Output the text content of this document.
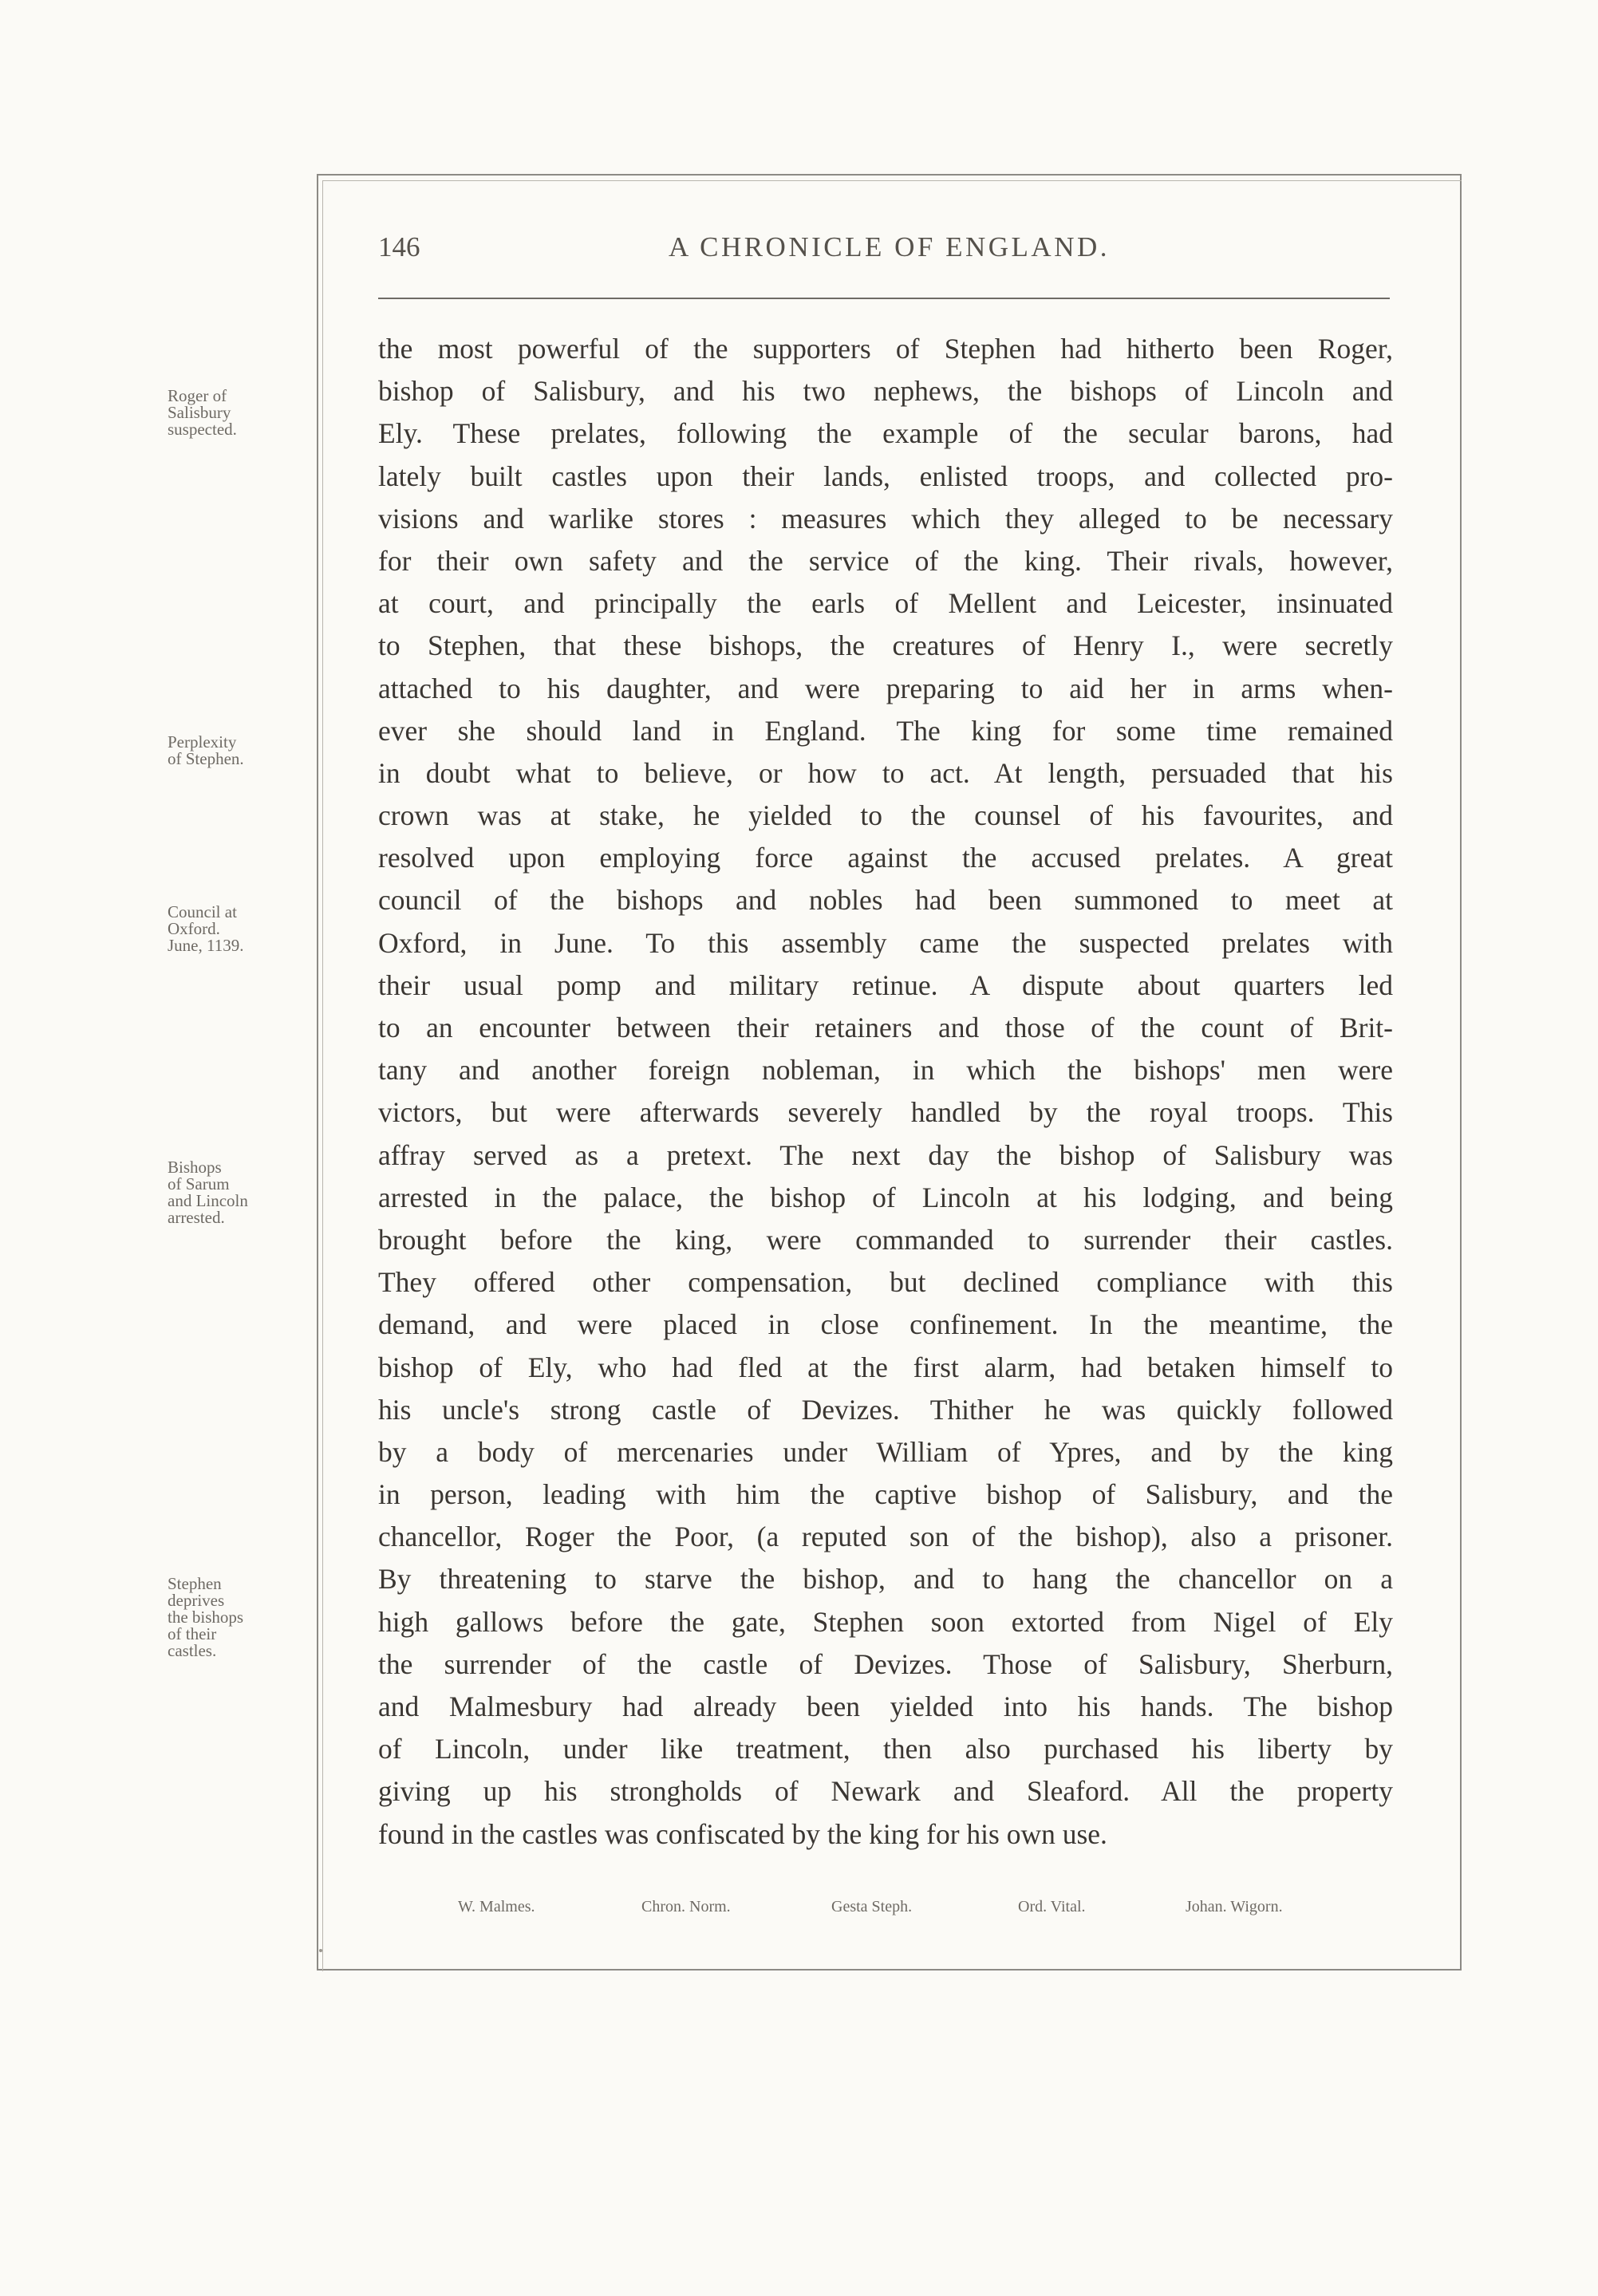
146	A CHRONICLE OF ENGLAND.
the most powerful of the supporters of Stephen had hitherto been Roger,
bishop of Salisbury, and his two nephews, the bishops of Lincoln and
Ely. These prelates, following the example of the secular barons, had
lately built castles upon their lands, enlisted troops, and collected pro-
visions and warlike stores : measures which they alleged to be necessary
for their own safety and the service of the king. Their rivals, however,
at court, and principally the earls of Mellent and Leicester, insinuated
to Stephen, that these bishops, the creatures of Henry I., were secretly
attached to his daughter, and were preparing to aid her in arms when-
ever she should land in England. The king for some time remained
in doubt what to believe, or how to act. At length, persuaded that his
crown was at stake, he yielded to the counsel of his favourites, and
resolved upon employing force against the accused prelates. A great
council of the bishops and nobles had been summoned to meet at
Oxford, in June. To this assembly came the suspected prelates with
their usual pomp and military retinue. A dispute about quarters led
to an encounter between their retainers and those of the count of Brit-
tany and another foreign nobleman, in which the bishops' men were
victors, but were afterwards severely handled by the royal troops. This
affray served as a pretext. The next day the bishop of Salisbury was
arrested in the palace, the bishop of Lincoln at his lodging, and being
brought before the king, were commanded to surrender their castles.
They offered other compensation, but declined compliance with this
demand, and were placed in close confinement. In the meantime, the
bishop of Ely, who had fled at the first alarm, had betaken himself to
his uncle's strong castle of Devizes. Thither he was quickly followed
by a body of mercenaries under William of Ypres, and by the king
in person, leading with him the captive bishop of Salisbury, and the
chancellor, Roger the Poor, (a reputed son of the bishop), also a prisoner.
By threatening to starve the bishop, and to hang the chancellor on a
high gallows before the gate, Stephen soon extorted from Nigel of Ely
the surrender of the castle of Devizes. Those of Salisbury, Sherburn,
and Malmesbury had already been yielded into his hands. The bishop
of Lincoln, under like treatment, then also purchased his liberty by
giving up his strongholds of Newark and Sleaford. All the property
found in the castles was confiscated by the king for his own use.
Roger of
Salisbury
suspected.
Perplexity
of Stephen.
Council at
Oxford.
June, 1139.
Bishops
of Sarum
and Lincoln
arrested.
Stephen
deprives
the bishops
of their
castles.
W. Malmes.	Chron. Norm.	Gesta Steph.	Ord. Vital.	Johan. Wigorn.
